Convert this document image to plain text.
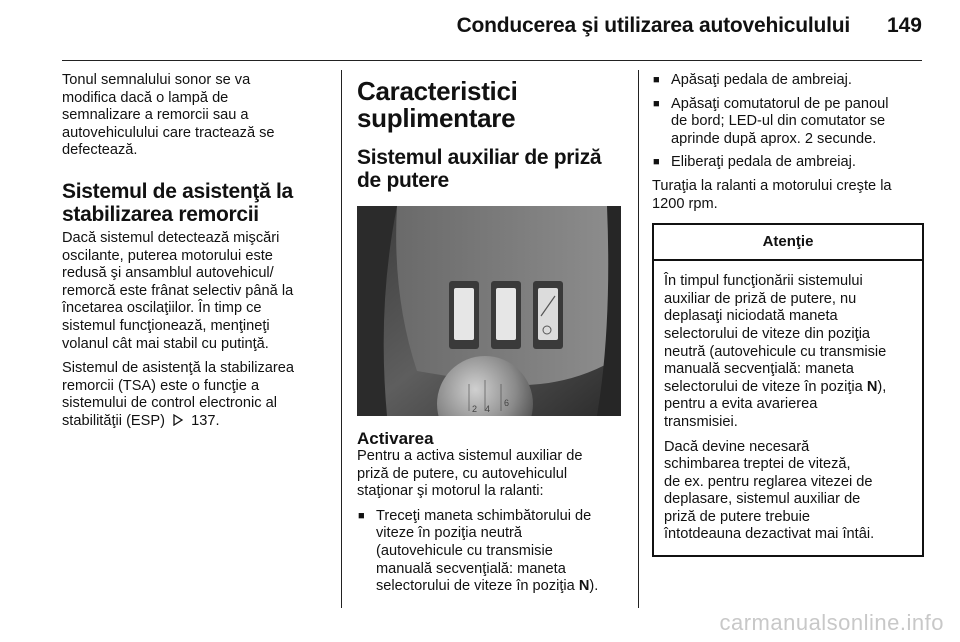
Conducerea şi utilizarea autovehiculului 149

Tonul semnalului sonor se va
modifica dacă o lampă de
semnalizare a remorcii sau a
autovehiculului care tractează se
defectează.

Sistemul de asistenţă la
stabilizarea remorcii

Dacă sistemul detectează mişcări
oscilante, puterea motorului este
redusă şi ansamblul autovehicul/
remorcă este frânat selectiv până la
încetarea oscilaţiilor. În timp ce
sistemul funcţionează, menţineţi
volanul cât mai stabil cu putinţă.

Sistemul de asistenţă la stabilizarea
remorcii (TSA) este o funcţie a
sistemului de control electronic al
stabilităţii (ESP) 137.

Caracteristici
suplimentare
Sistemul auxiliar de priză
de putere
2 4
6
Activarea

Pentru a activa sistemul auxiliar de
priză de putere, cu autovehiculul
staţionar şi motorul la ralanti:

■ Treceţi maneta schimbătorului de
viteze în poziţia neutră
(autovehicule cu transmisie
manuală secvenţială: maneta
selectorului de viteze în poziţia N).
■ Apăsaţi pedala de ambreiaj.
■ Apăsaţi comutatorul de pe panoul
de bord; LED-ul din comutator se
aprinde după aprox. 2 secunde.
■ Eliberaţi pedala de ambreiaj.

Turaţia la ralanti a motorului creşte la
1200 rpm.

Atenţie

În timpul funcţionării sistemului
auxiliar de priză de putere, nu
deplasaţi niciodată maneta
selectorului de viteze din poziţia
neutră (autovehicule cu transmisie
manuală secvenţială: maneta
selectorului de viteze în poziţia N),
pentru a evita avarierea
transmisiei.

Dacă devine necesară
schimbarea treptei de viteză,
de ex. pentru reglarea vitezei de
deplasare, sistemul auxiliar de
priză de putere trebuie
întotdeauna dezactivat mai întâi.

carmanualsonline.info
